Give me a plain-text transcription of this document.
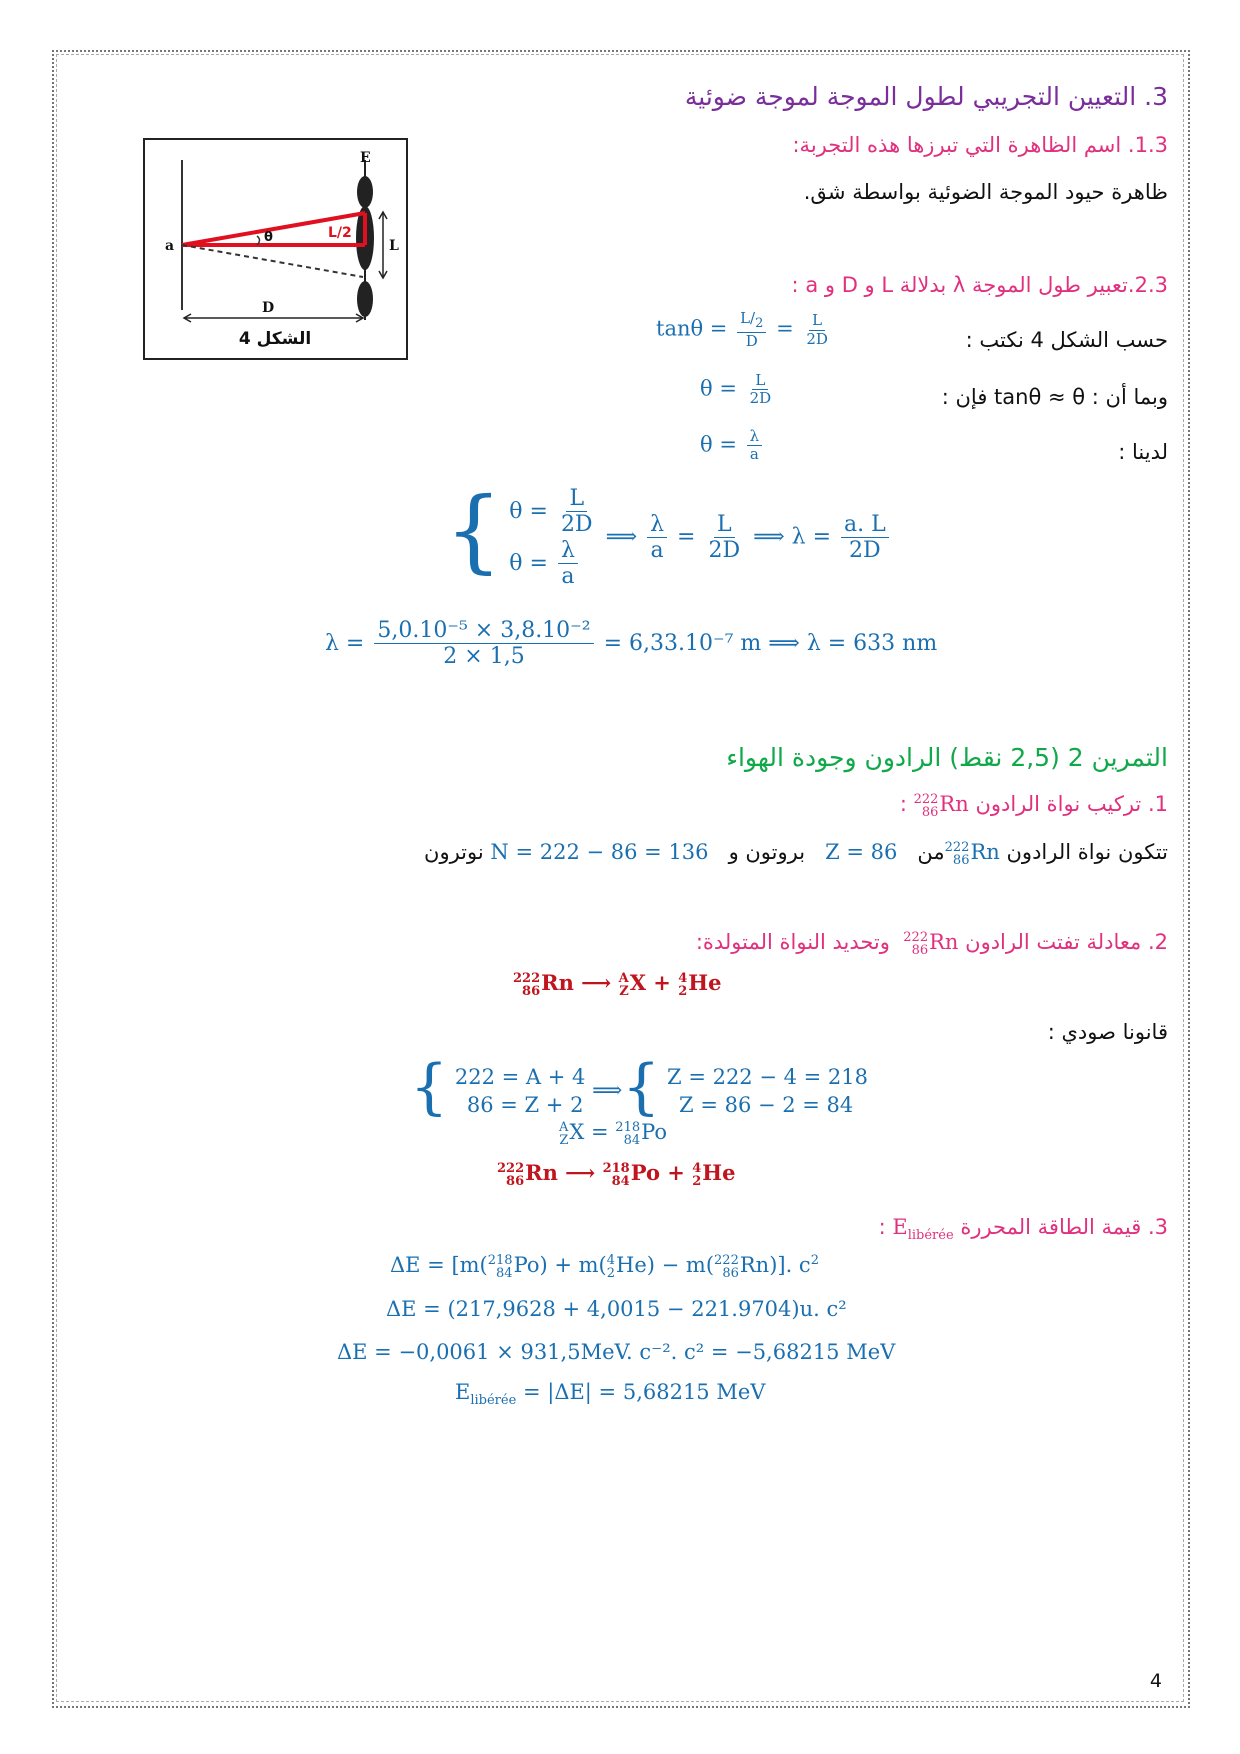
3. التعيين التجريبي لطول الموجة لموجة ضوئية
1.3. اسم الظاهرة التي تبرزها هذه التجربة:
ظاهرة حيود الموجة الضوئية بواسطة شق.
E
a
θ	L/2
L
D
الشكل 4
2.3.تعبير طول الموجة λ بدلالة L و D و a :
حسب الشكل 4 نكتب :
$\tan\theta = \frac{L/_2}{D} = \frac{L}{2D}$
وبما أن : tanθ ≈ θ فإن :
$\theta = \frac{L}{2D}$
لدينا :
$\theta = \frac{\lambda}{a}$
{ $\theta = \frac{L}{2D}$
$\theta = \frac{\lambda}{a}$
⟹ $\frac{\lambda}{a} = \frac{L}{2D}$ ⟹ $\lambda = \frac{a. L}{2D}$
$\lambda = \frac{\text{5,0.10⁻⁵ × 3,8.10⁻²}}{2 \times 1,5} = 6,33.10^{-7}$ m ⟹ λ = 633 nm
التمرين 2 (2,5 نقط) الرادون وجودة الهواء
1. تركيب نواة الرادون
222
86 Rn :
تتكون نواة الرادون
222
86 Rnمن   Z = 86   بروتون و   N = 222 − 86 = 136 نوترون
2. معادلة تفتت الرادون
222
86 Rn  وتحديد النواة المتولدة:
222
86 Rn ⟶ A
Z X + 4
2 He
قانونا صودي :
{ 222 = A + 4
86 = Z + 2
⟹{ Z = 222 − 4 = 218
Z = 86 − 2 = 84
A
Z X = 218
84 Po
222
86 Rn ⟶ 218
84 Po + 4
2 He
3. قيمة الطاقة المحررة $E_{libérée}$ :
ΔE = [m( 218
84 Po) + m( 4
2 He) − m( 222
86 Rn)]. $c^2$
ΔE = (217,9628 + 4,0015 − 221.9704)u. c²
ΔE = −0,0061 × 931,5MeV. c⁻². c² = −5,68215 MeV
$E_{libérée} = |\Delta E| = 5,68215$ MeV
4
